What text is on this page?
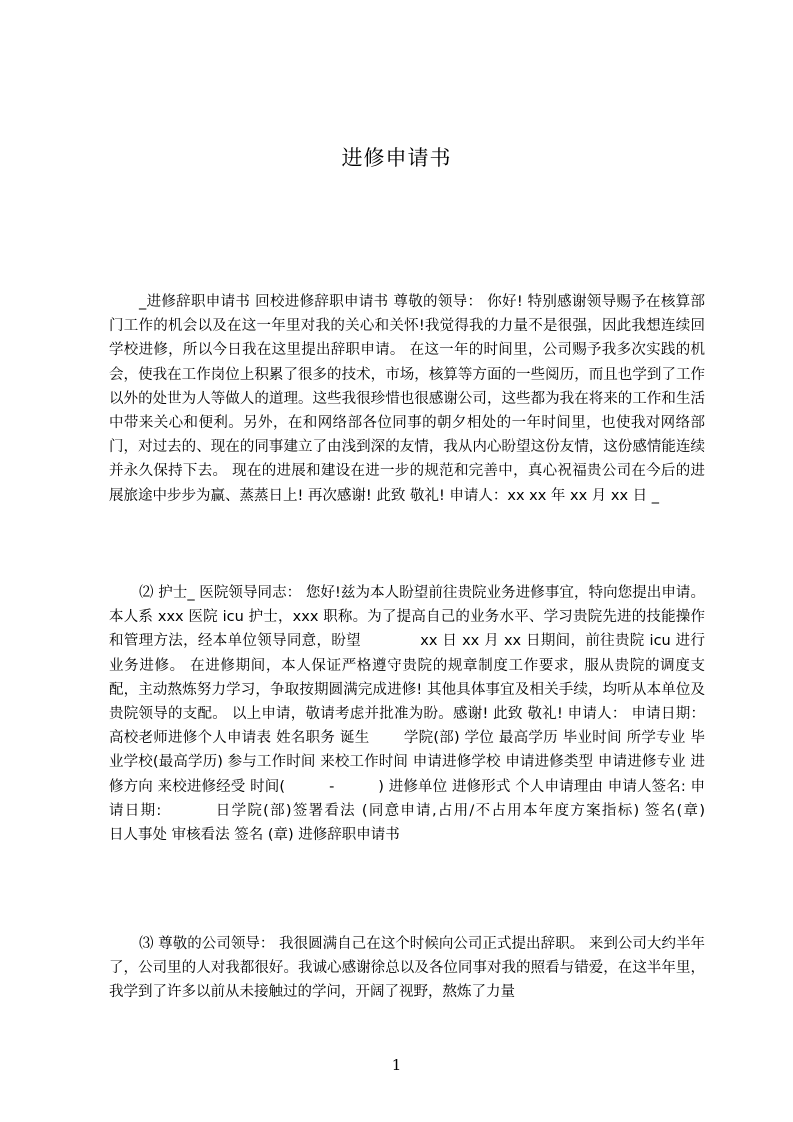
进修申请书

_进修辞职申请书 回校进修辞职申请书 尊敬的领导： 你好! 特别感谢领导赐予在核算部门工作的机会以及在这一年里对我的关心和关怀!我觉得我的力量不是很强，因此我想连续回学校进修，所以今日我在这里提出辞职申请。 在这一年的时间里，公司赐予我多次实践的机会，使我在工作岗位上积累了很多的技术，市场，核算等方面的一些阅历，而且也学到了工作以外的处世为人等做人的道理。这些我很珍惜也很感谢公司，这些都为我在将来的工作和生活中带来关心和便利。另外，在和网络部各位同事的朝夕相处的一年时间里，也使我对网络部门，对过去的、现在的同事建立了由浅到深的友情，我从内心盼望这份友情，这份感情能连续并永久保持下去。 现在的进展和建设在进一步的规范和完善中，真心祝福贵公司在今后的进展旅途中步步为赢、蒸蒸日上! 再次感谢! 此致 敬礼! 申请人：xx xx 年 xx 月 xx 日 _

⑵ 护士_ 医院领导同志： 您好!兹为本人盼望前往贵院业务进修事宜，特向您提出申请。 本人系 xxx 医院 icu 护士，xxx 职称。为了提高自己的业务水平、学习贵院先进的技能操作和管理方法，经本单位领导同意，盼望　　　　xx 日 xx 月 xx 日期间，前往贵院 icu 进行业务进修。 在进修期间，本人保证严格遵守贵院的规章制度工作要求，服从贵院的调度支配，主动熬炼努力学习，争取按期圆满完成进修! 其他具体事宜及相关手续，均听从本单位及贵院领导的支配。 以上申请，敬请考虑并批准为盼。感谢! 此致 敬礼! 申请人： 申请日期： 高校老师进修个人申请表 姓名职务 诞生　　 学院(部) 学位 最高学历 毕业时间 所学专业 毕业学校(最高学历) 参与工作时间 来校工作时间 申请进修学校 申请进修类型 申请进修专业 进修方向 来校进修经受 时间(　　　-　　　) 进修单位 进修形式 个人申请理由 申请人签名: 申请日期:　　　 日学院(部)签署看法 (同意申请,占用/不占用本年度方案指标) 签名(章)　　　 日人事处 审核看法 签名 (章) 进修辞职申请书

⑶ 尊敬的公司领导： 我很圆满自己在这个时候向公司正式提出辞职。 来到公司大约半年了，公司里的人对我都很好。我诚心感谢徐总以及各位同事对我的照看与错爱，在这半年里，我学到了许多以前从未接触过的学问，开阔了视野，熬炼了力量

1
